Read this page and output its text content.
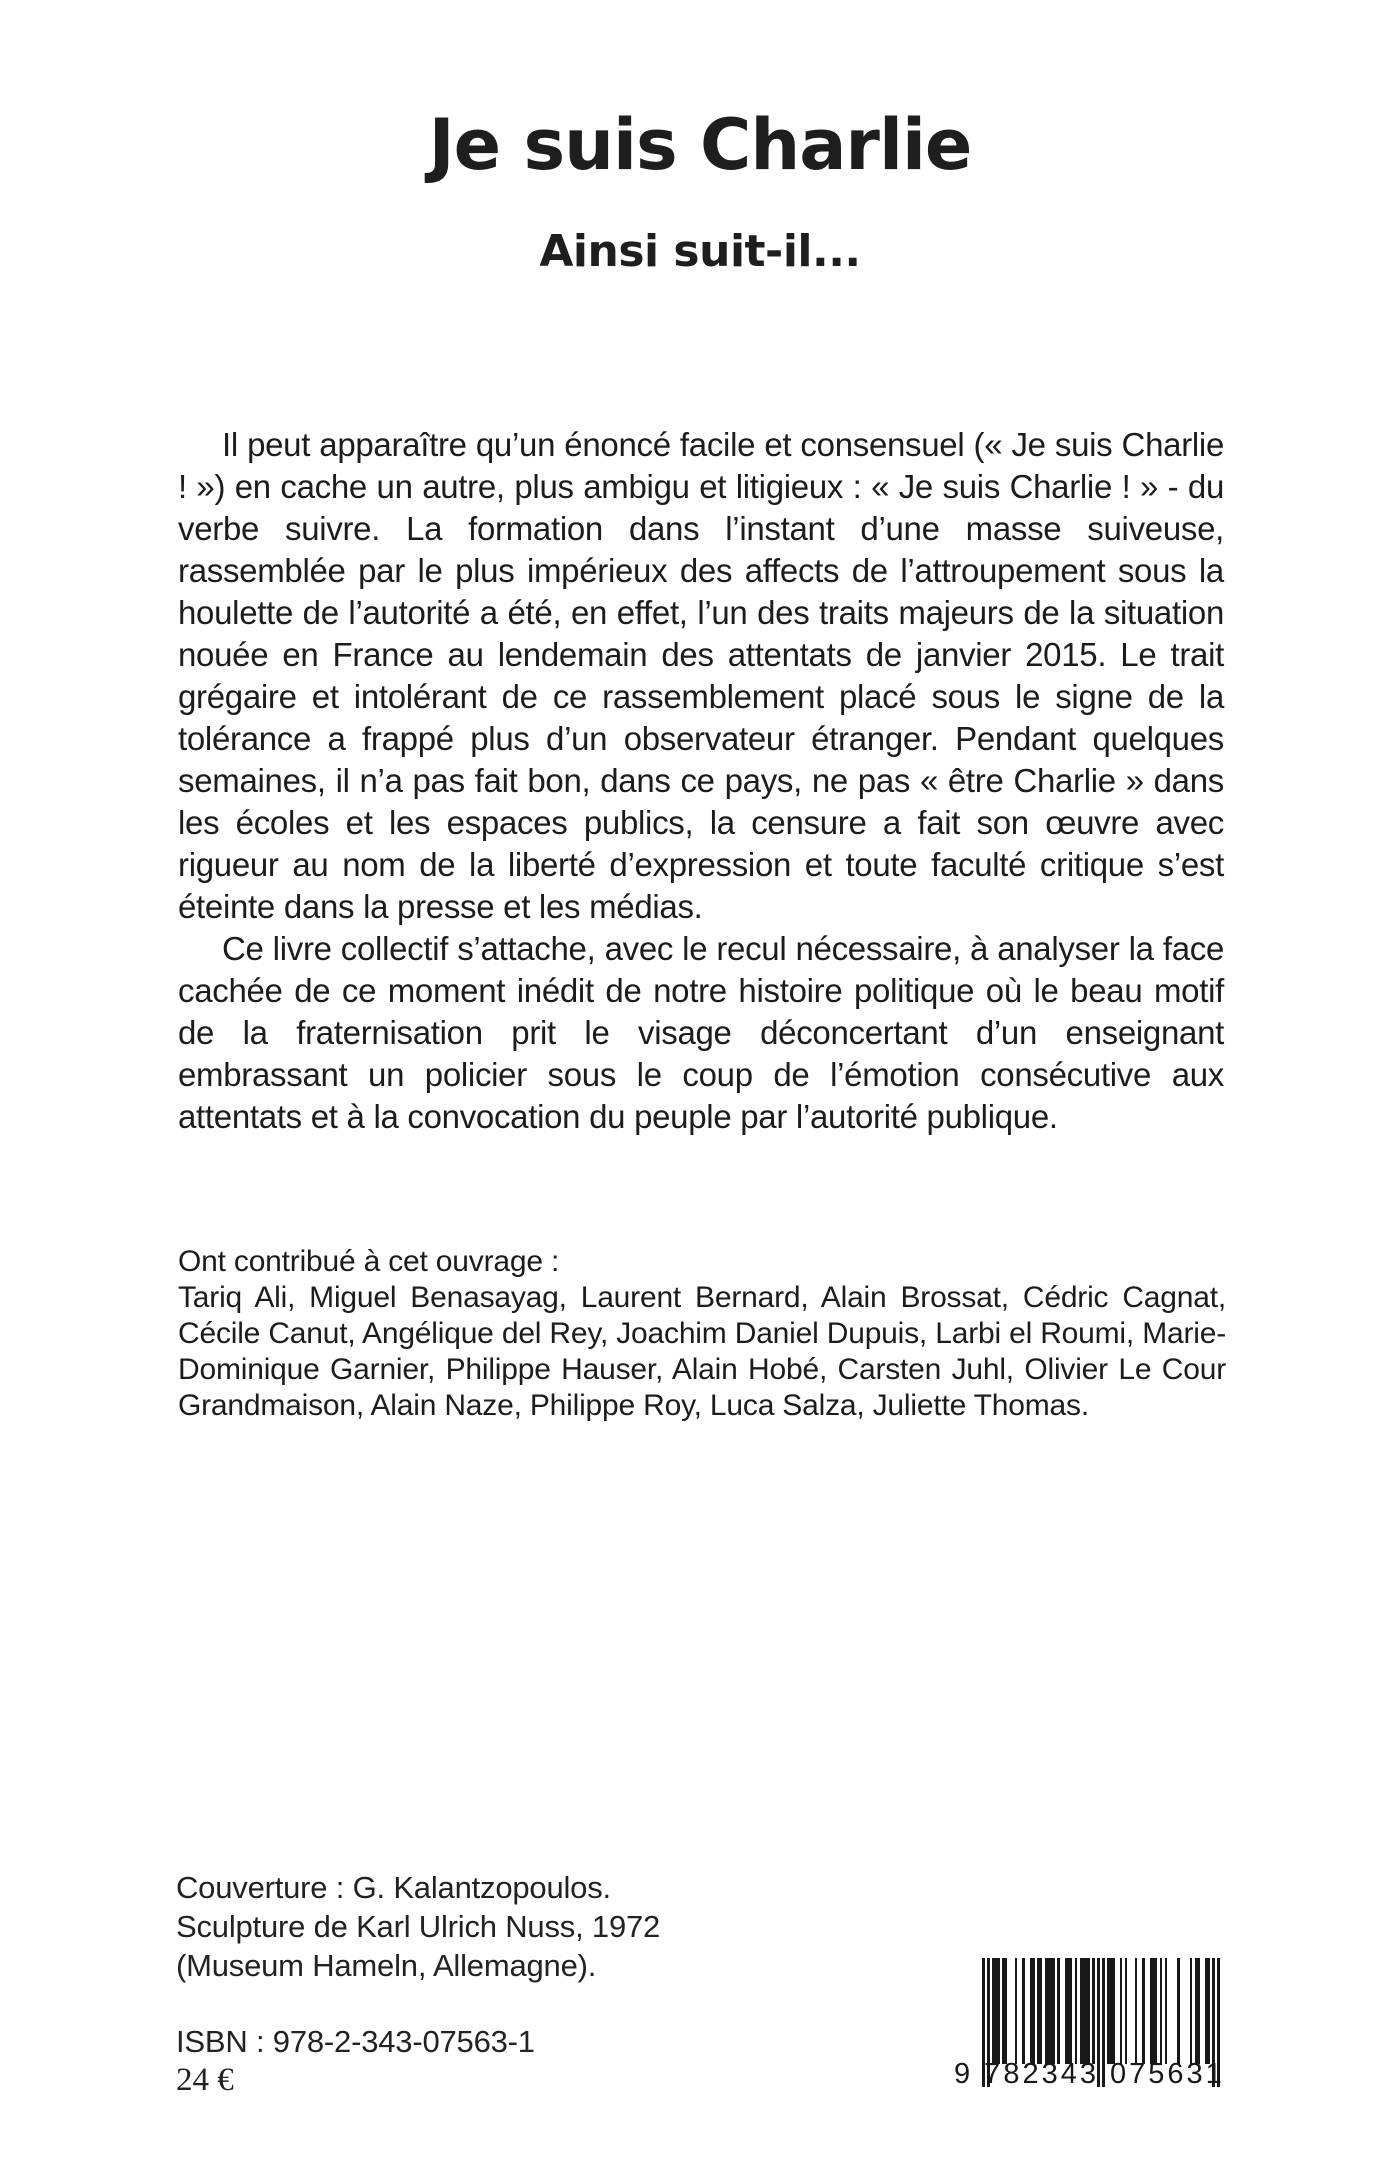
Je suis Charlie
Ainsi suit-il...

Il peut apparaître qu’un énoncé facile et consensuel (« Je suis Charlie ! ») en cache un autre, plus ambigu et litigieux : « Je suis Charlie ! » - du verbe suivre. La formation dans l’instant d’une masse suiveuse, rassemblée par le plus impérieux des affects de l’attroupement sous la houlette de l’autorité a été, en effet, l’un des traits majeurs de la situation nouée en France au lendemain des attentats de janvier 2015. Le trait grégaire et intolérant de ce rassemblement placé sous le signe de la tolérance a frappé plus d’un observateur étranger. Pendant quelques semaines, il n’a pas fait bon, dans ce pays, ne pas « être Charlie » dans les écoles et les espaces publics, la censure a fait son œuvre avec rigueur au nom de la liberté d’expression et toute faculté critique s’est éteinte dans la presse et les médias.

Ce livre collectif s’attache, avec le recul nécessaire, à analyser la face cachée de ce moment inédit de notre histoire politique où le beau motif de la fraternisation prit le visage déconcertant d’un enseignant embrassant un policier sous le coup de l’émotion consécutive aux attentats et à la convocation du peuple par l’autorité publique.

Ont contribué à cet ouvrage :
Tariq Ali, Miguel Benasayag, Laurent Bernard, Alain Brossat, Cédric Cagnat, Cécile Canut, Angélique del Rey, Joachim Daniel Dupuis, Larbi el Roumi, Marie-Dominique Garnier, Philippe Hauser, Alain Hobé, Carsten Juhl, Olivier Le Cour Grandmaison, Alain Naze, Philippe Roy, Luca Salza, Juliette Thomas.
Couverture : G. Kalantzopoulos.
Sculpture de Karl Ulrich Nuss, 1972
(Museum Hameln, Allemagne).
ISBN : 978-2-343-07563-1
24 €	9 782343 075631
